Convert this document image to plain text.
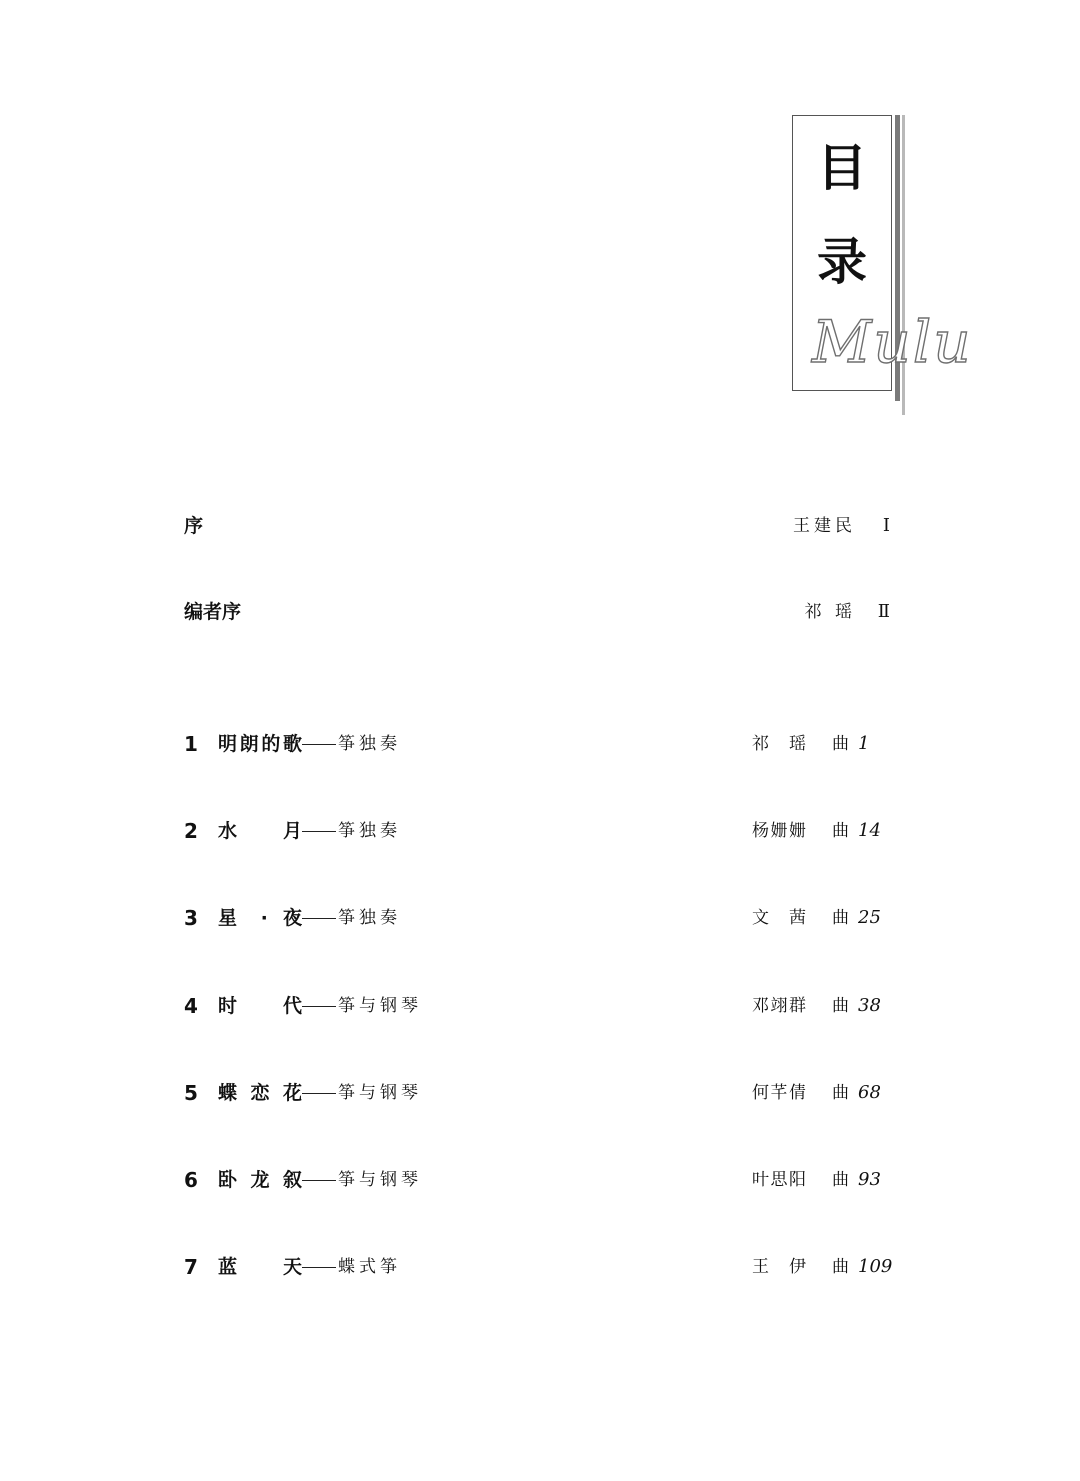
目
录
Mulu
序	王建民 Ⅰ
编者序	祁 瑶 Ⅱ
1	明朗的歌 筝独奏	祁瑶 曲 1
2	水 月 筝独奏	杨姗姗 曲 14
3	星 · 夜 筝独奏	文 茜 曲 25
4	时 代 筝与钢琴	邓翊群 曲 38
5	蝶 恋 花 筝与钢琴	何芊倩 曲 68
6	卧 龙 叙 筝与钢琴	叶思阳 曲 93
7	蓝 天 蝶式筝	王 伊 曲 109
